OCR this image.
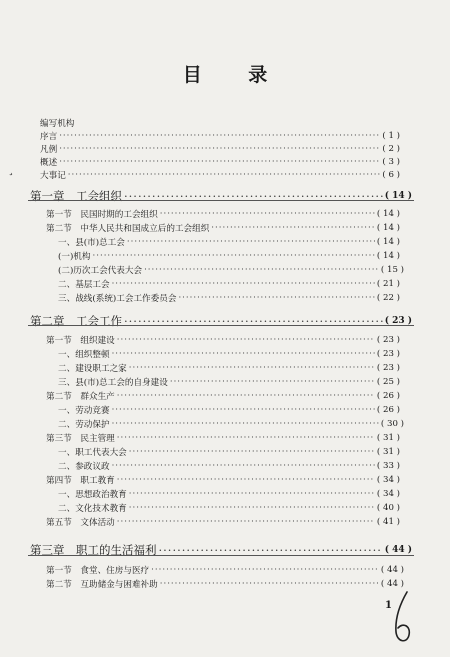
目 录
¸
编写机构
序言 ·····	( 1 )
凡例 ·····	( 2 )
概述 ·····	( 3 )
大事记 ·····	( 6 )
第一章　工会组织 ·····	( 14 )
第一节　民国时期的工会组织 ·····	( 14 )
第二节　中华人民共和国成立后的工会组织 ·····	( 14 )
一、县(市)总工会 ·····	( 14 )
(一)机构 ·····	( 14 )
(二)历次工会代表大会 ·····	( 15 )
二、基层工会 ·····	( 21 )
三、战线(系统)工会工作委员会 ·····	( 22 )
第二章　工会工作 ·····	( 23 )
第一节　组织建设 ·····	( 23 )
一、组织整顿 ·····	( 23 )
二、建设职工之家 ·····	( 23 )
三、县(市)总工会的自身建设 ·····	( 25 )
第二节　群众生产 ·····	( 26 )
一、劳动竞赛 ·····	( 26 )
二、劳动保护 ·····	( 30 )
第三节　民主管理 ·····	( 31 )
一、职工代表大会 ·····	( 31 )
二、参政议政 ·····	( 33 )
第四节　职工教育 ·····	( 34 )
一、思想政治教育 ·····	( 34 )
二、文化技术教育 ·····	( 40 )
第五节　文体活动 ·····	( 41 )
第三章　职工的生活福利 ·····	( 44 )
第一节　食堂、住房与医疗 ·····	( 44 )
第二节　互助储金与困难补助 ·····	( 44 )
1
